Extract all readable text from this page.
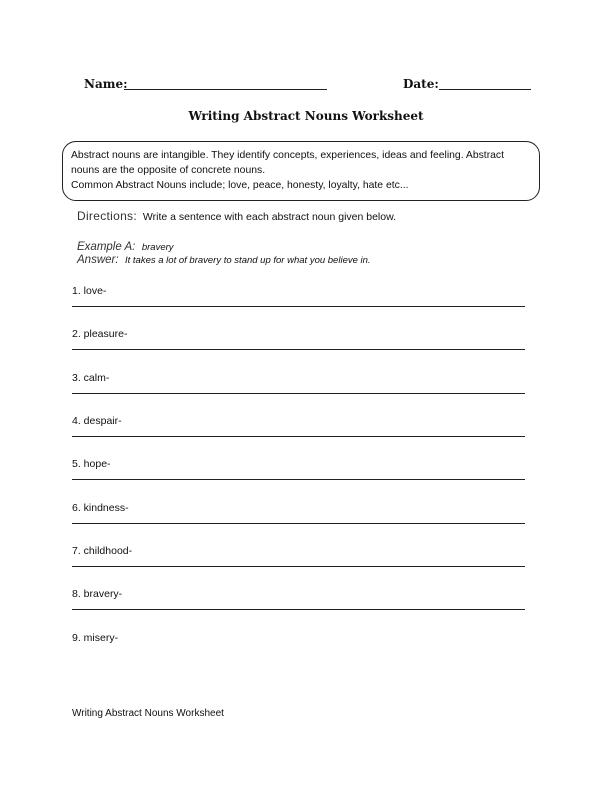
Name:	Date:
Writing Abstract Nouns Worksheet

Abstract nouns are intangible. They identify concepts, experiences, ideas and feeling. Abstract

nouns are the opposite of concrete nouns.

Common Abstract Nouns include; love, peace, honesty, loyalty, hate etc...

Directions: Write a sentence with each abstract noun given below.
Example A: bravery
Answer: It takes a lot of bravery to stand up for what you believe in.
1. love-
2. pleasure-
3. calm-
4. despair-
5. hope-
6. kindness-
7. childhood-
8. bravery-
9. misery-
Writing Abstract Nouns Worksheet
